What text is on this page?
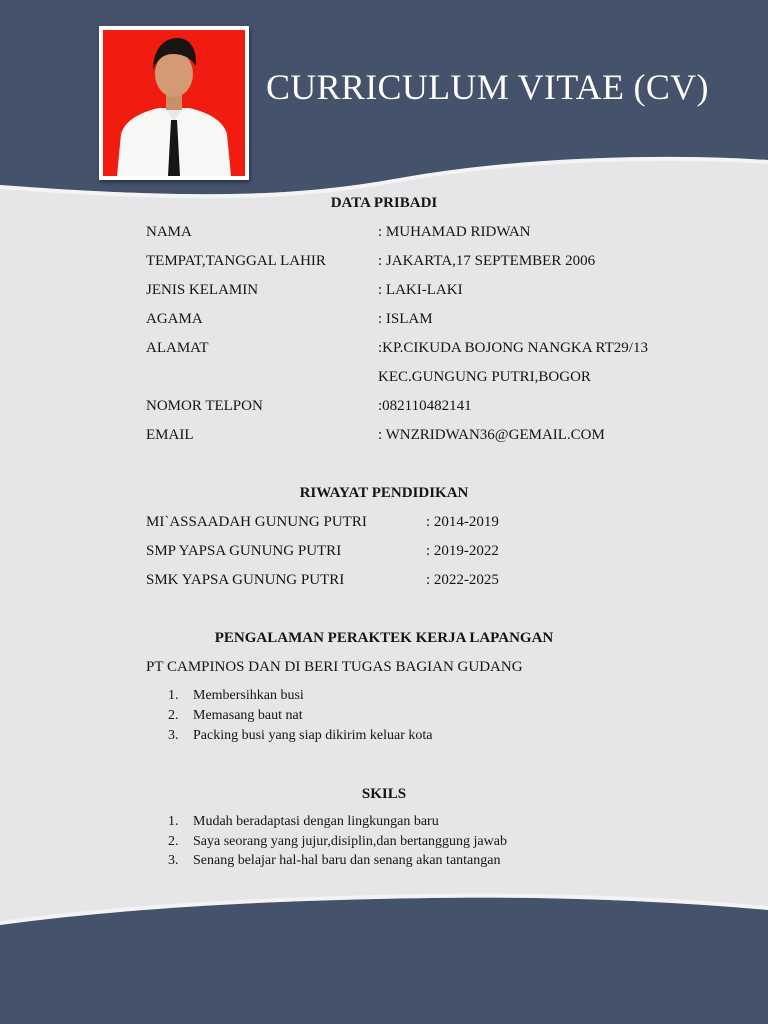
CURRICULUM VITAE (CV)
DATA PRIBADI
NAMA	: MUHAMAD RIDWAN
TEMPAT,TANGGAL LAHIR	: JAKARTA,17 SEPTEMBER 2006
JENIS KELAMIN	: LAKI-LAKI
AGAMA	: ISLAM
ALAMAT	:KP.CIKUDA BOJONG NANGKA RT29/13
KEC.GUNGUNG PUTRI,BOGOR
NOMOR TELPON	:082110482141
EMAIL	: WNZRIDWAN36@GEMAIL.COM
RIWAYAT PENDIDIKAN
MI`ASSAADAH GUNUNG PUTRI	: 2014-2019
SMP YAPSA GUNUNG PUTRI	: 2019-2022
SMK YAPSA GUNUNG PUTRI	: 2022-2025
PENGALAMAN PERAKTEK KERJA LAPANGAN
PT CAMPINOS DAN DI BERI TUGAS BAGIAN GUDANG
1. Membersihkan busi
2. Memasang baut nat
3. Packing busi yang siap dikirim keluar kota
SKILS
1. Mudah beradaptasi dengan lingkungan baru
2. Saya seorang yang jujur,disiplin,dan bertanggung jawab
3. Senang belajar hal-hal baru dan senang akan tantangan
